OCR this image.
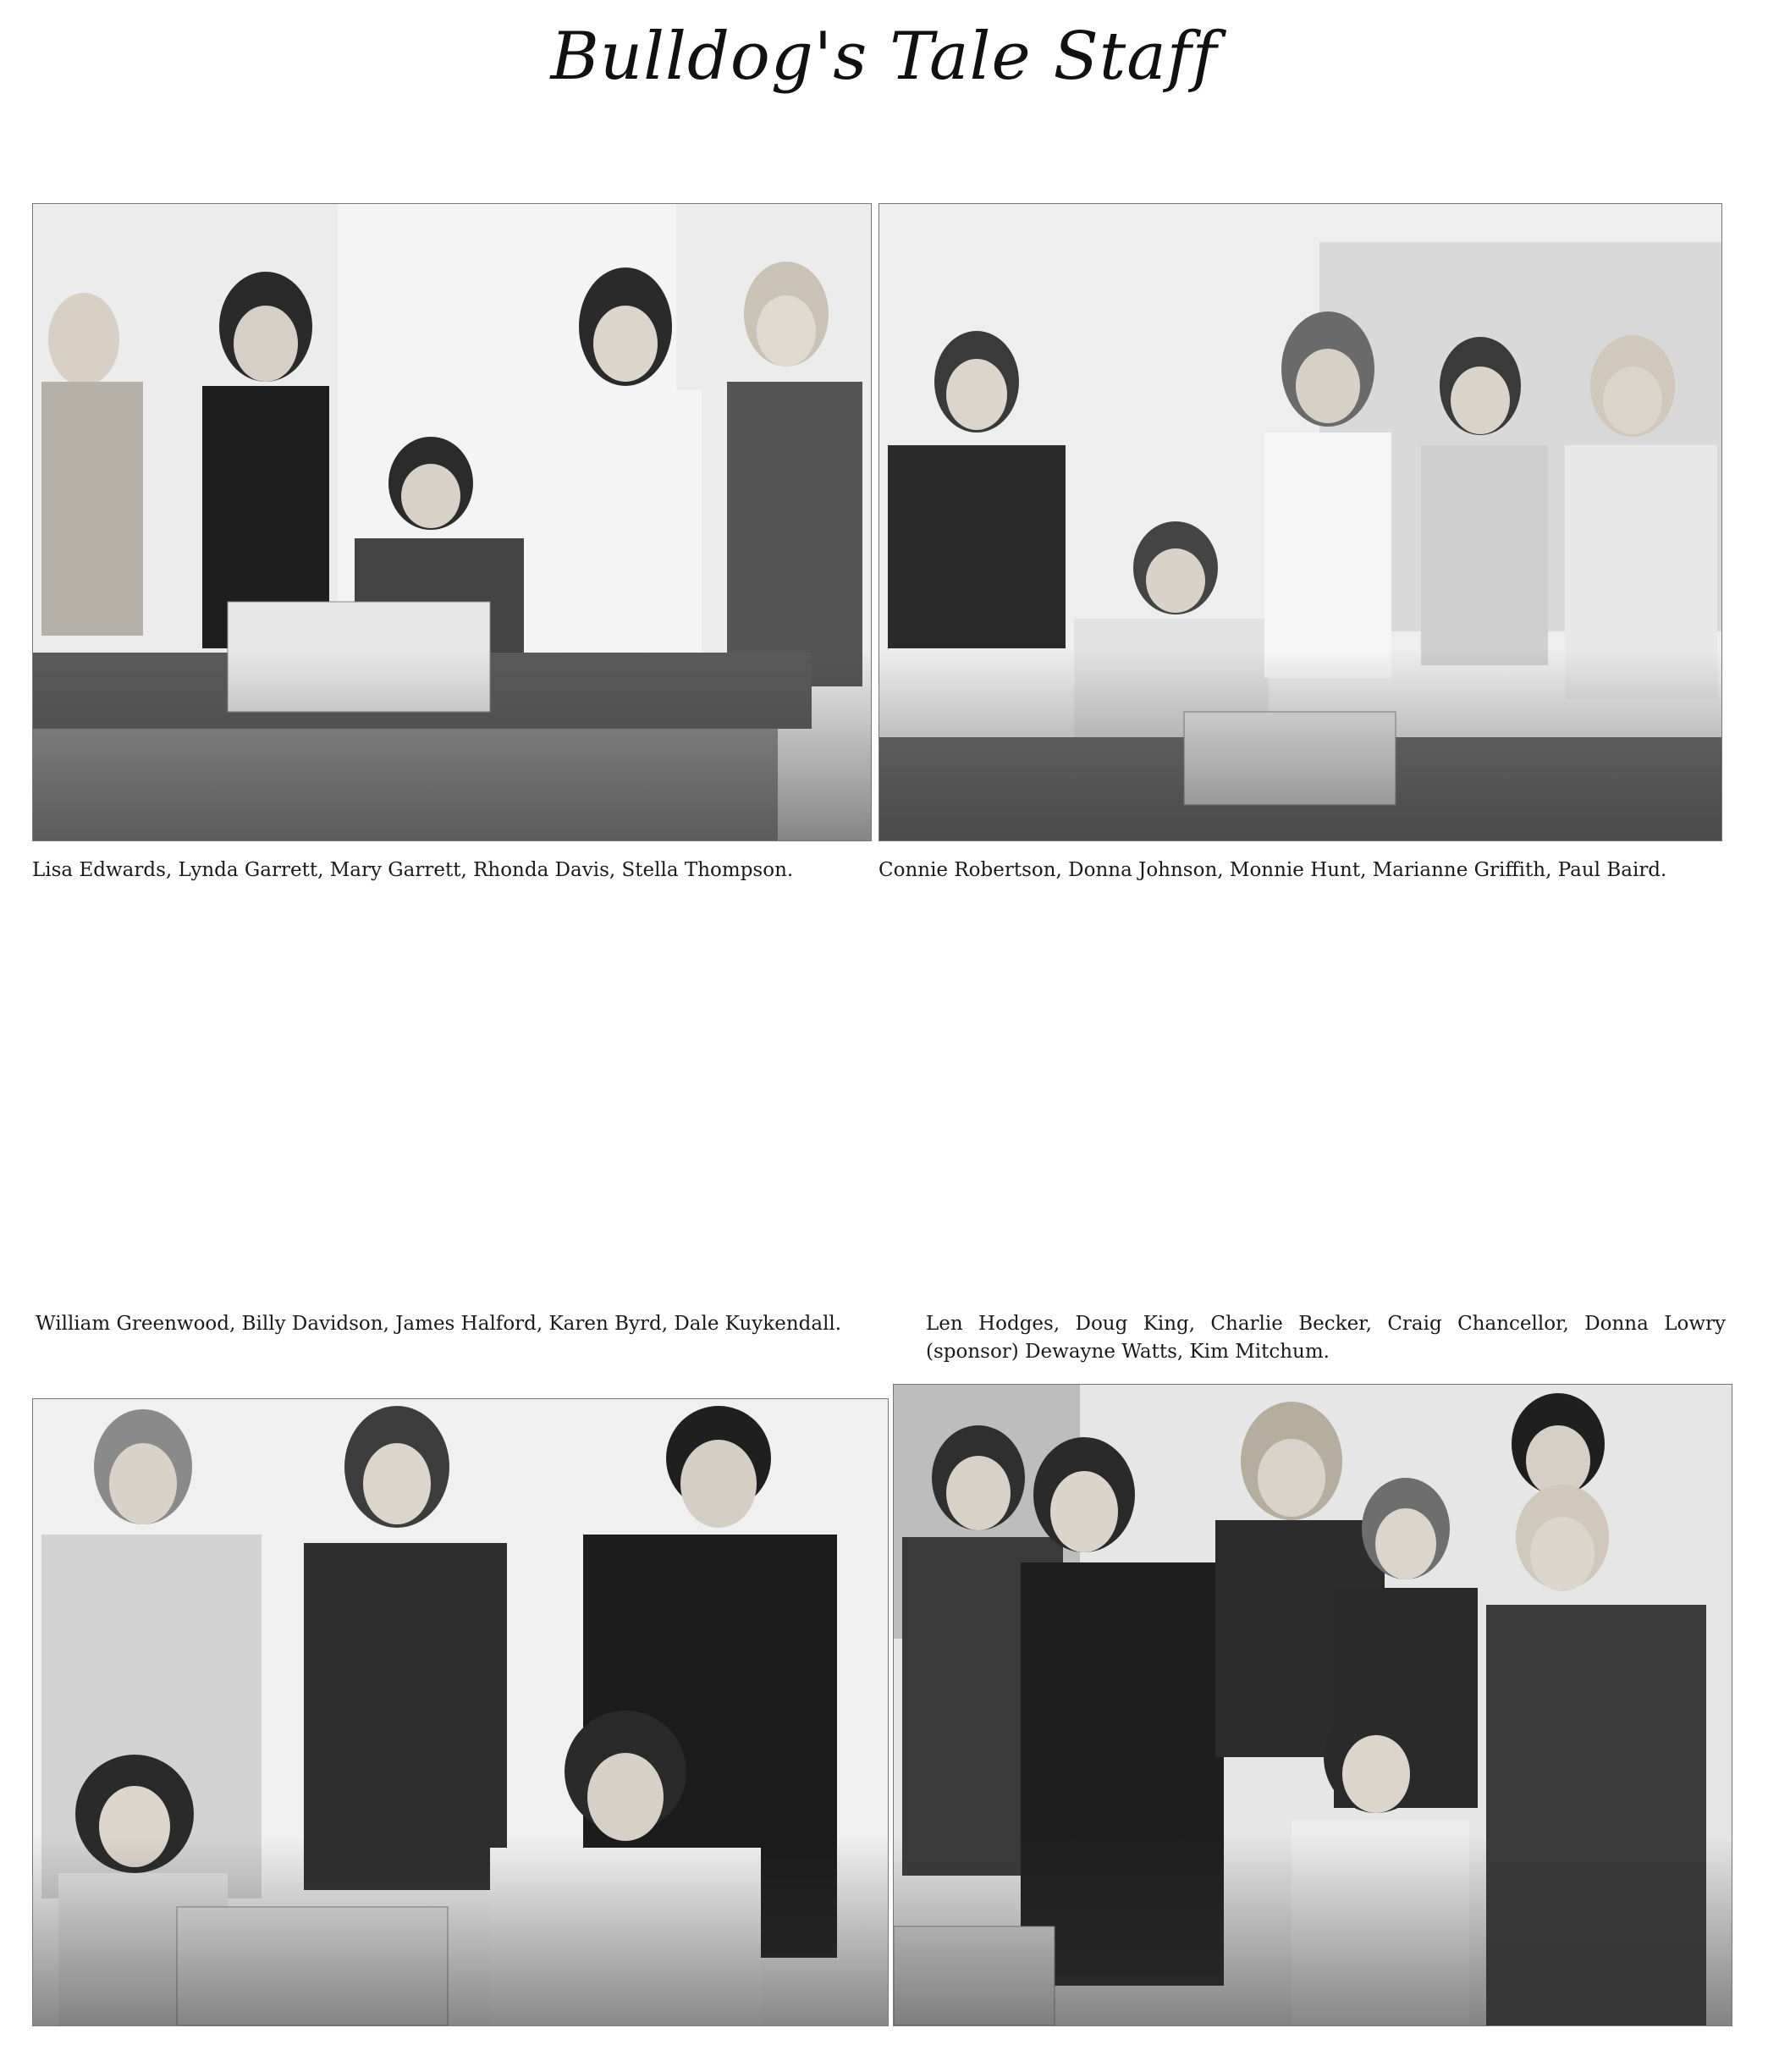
Bulldog's Tale Staff
Lisa Edwards, Lynda Garrett, Mary Garrett, Rhonda Davis, Stella Thompson.	Connie Robertson, Donna Johnson, Monnie Hunt, Marianne Griffith, Paul Baird.
William Greenwood, Billy Davidson, James Halford, Karen Byrd, Dale Kuykendall.	Len Hodges, Doug King, Charlie Becker, Craig Chancellor, Donna Lowry (sponsor) Dewayne Watts, Kim Mitchum.
